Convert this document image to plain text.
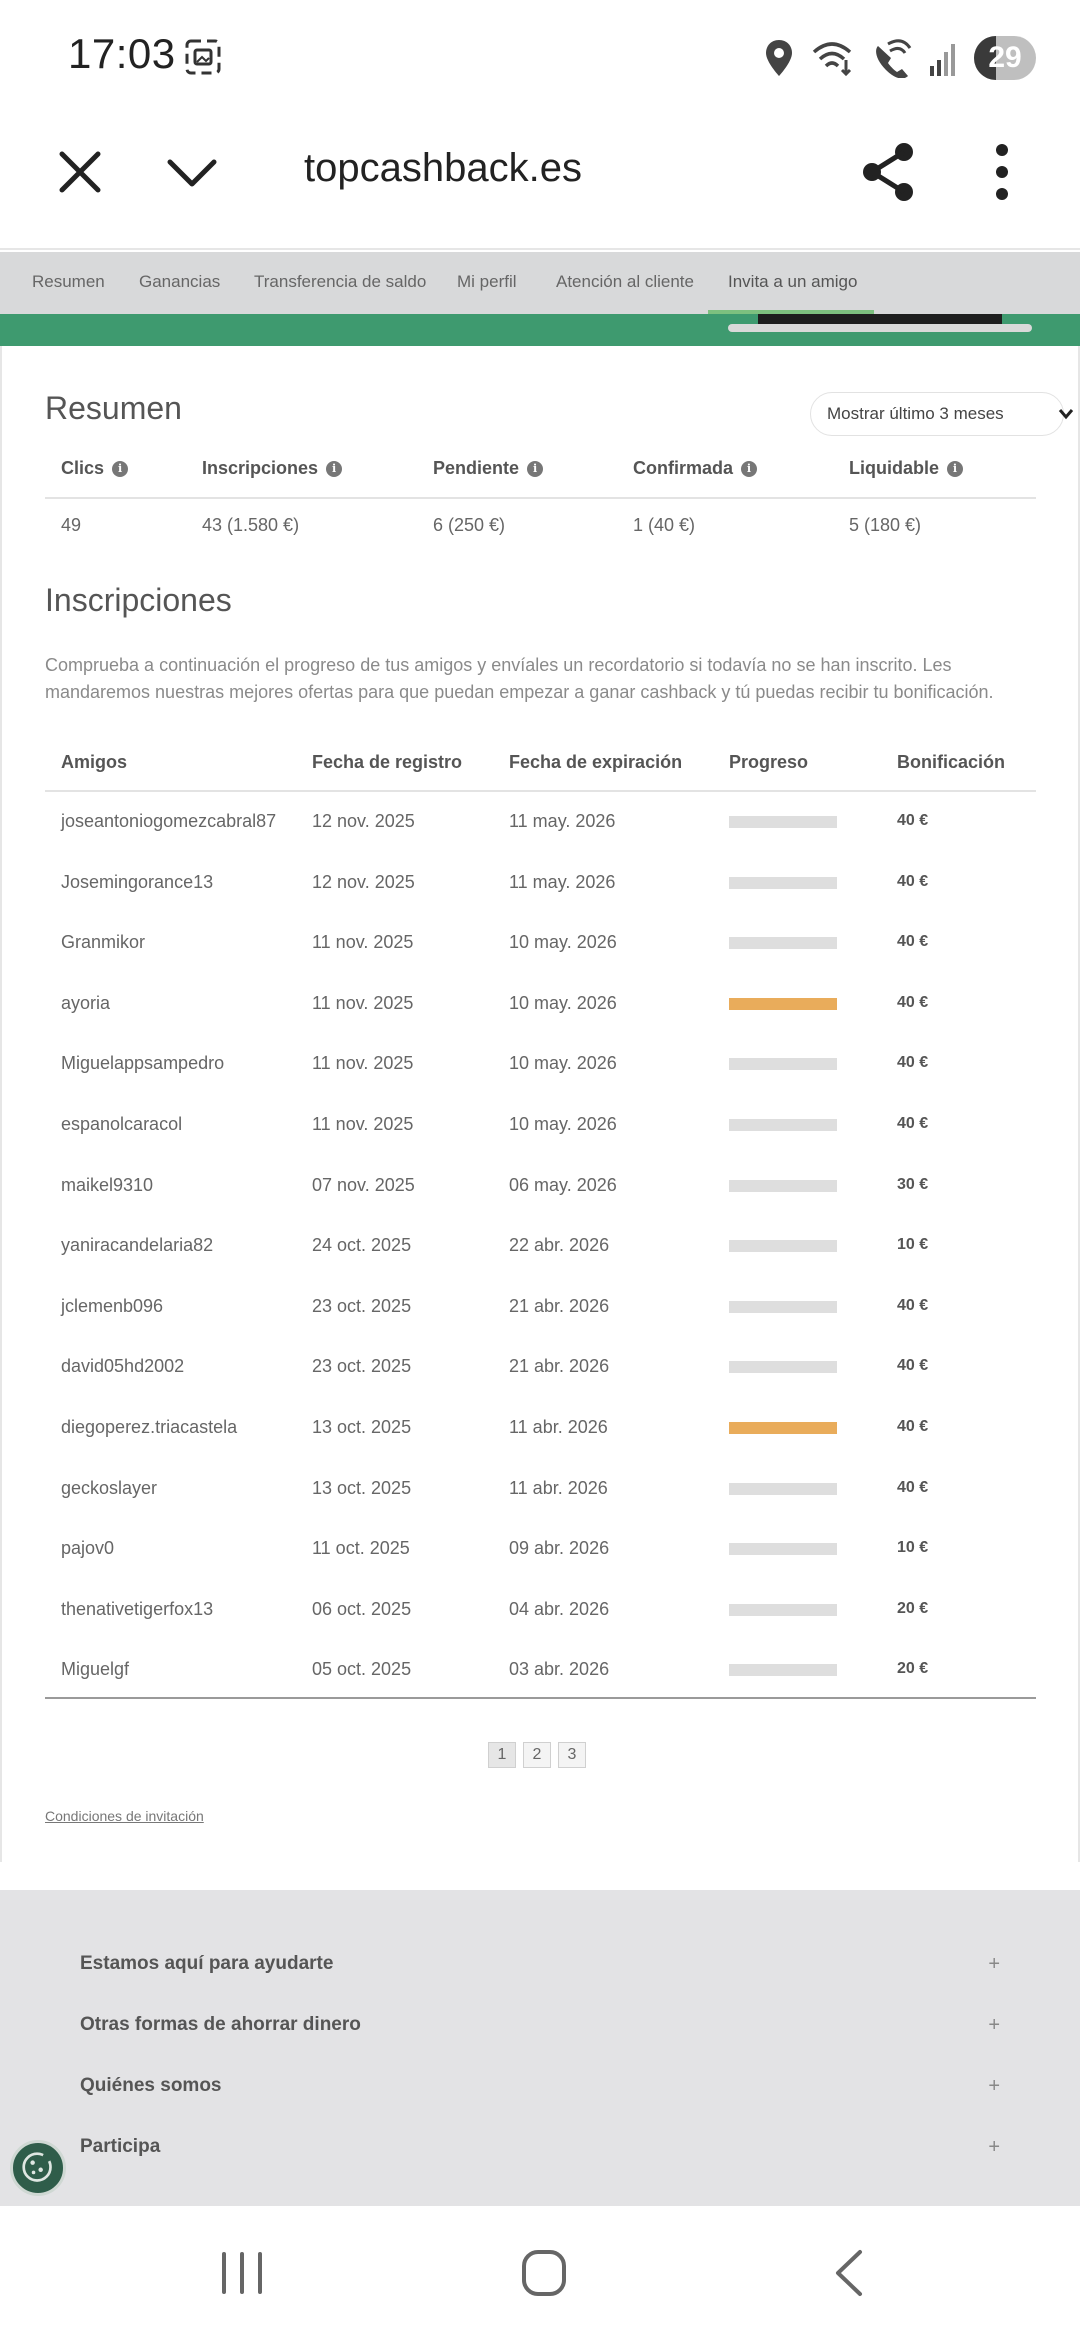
17:03	29
topcashback.es
Resumen Ganancias Transferencia de saldo Mi perfil Atención al cliente Invita a un amigo
Resumen	Mostrar último 3 meses
Clics	i	Inscripciones	i	Pendiente	i	Confirmada	i	Liquidable	i
49	43 (1.580 €)	6 (250 €)	1 (40 €)	5 (180 €)
Inscripciones
Comprueba a continuación el progreso de tus amigos y envíales un recordatorio si todavía no se han inscrito. Les mandaremos nuestras mejores ofertas para que puedan empezar a ganar cashback y tú puedas recibir tu bonificación.
Amigos	Fecha de registro	Fecha de expiración	Progreso	Bonificación
joseantoniogomezcabral87 12 nov. 2025	11 may. 2026	40 €
Josemingorance13	12 nov. 2025	11 may. 2026	40 €
Granmikor	11 nov. 2025	10 may. 2026	40 €
ayoria	11 nov. 2025	10 may. 2026	40 €
Miguelappsampedro	11 nov. 2025	10 may. 2026	40 €
espanolcaracol	11 nov. 2025	10 may. 2026	40 €
maikel9310	07 nov. 2025	06 may. 2026	30 €
yaniracandelaria82	24 oct. 2025	22 abr. 2026	10 €
jclemenb096	23 oct. 2025	21 abr. 2026	40 €
david05hd2002	23 oct. 2025	21 abr. 2026	40 €
diegoperez.triacastela	13 oct. 2025	11 abr. 2026	40 €
geckoslayer	13 oct. 2025	11 abr. 2026	40 €
pajov0	11 oct. 2025	09 abr. 2026	10 €
thenativetigerfox13	06 oct. 2025	04 abr. 2026	20 €
Miguelgf	05 oct. 2025	03 abr. 2026	20 €
1	2	3
Condiciones de invitación
Estamos aquí para ayudarte	+
Otras formas de ahorrar dinero	+
Quiénes somos	+
Participa	+
